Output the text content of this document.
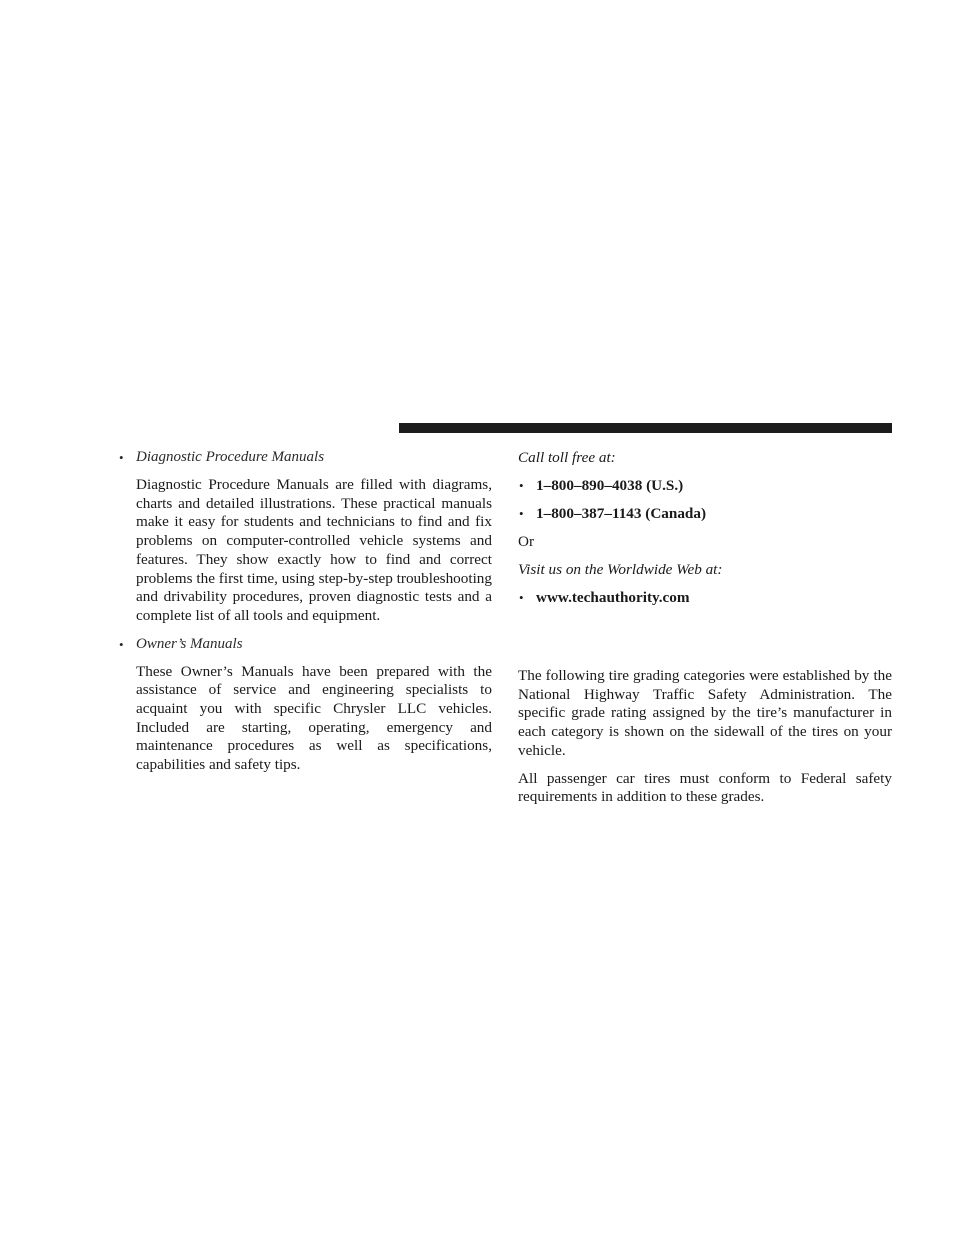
• Diagnostic Procedure Manuals

Diagnostic Procedure Manuals are filled with diagrams, charts and detailed illustrations. These practical manuals make it easy for students and technicians to find and fix problems on computer-controlled vehicle systems and features. They show exactly how to find and correct problems the first time, using step-by-step troubleshooting and drivability procedures, proven diagnostic tests and a complete list of all tools and equipment.

• Owner’s Manuals

These Owner’s Manuals have been prepared with the assistance of service and engineering specialists to acquaint you with specific Chrysler LLC vehicles. Included are starting, operating, emergency and maintenance procedures as well as specifications, capabilities and safety tips.

Call toll free at:
• 1–800–890–4038 (U.S.)
• 1–800–387–1143 (Canada)
Or
Visit us on the Worldwide Web at:
• www.techauthority.com

The following tire grading categories were established by the National Highway Traffic Safety Administration. The specific grade rating assigned by the tire’s manufacturer in each category is shown on the sidewall of the tires on your vehicle.

All passenger car tires must conform to Federal safety requirements in addition to these grades.
